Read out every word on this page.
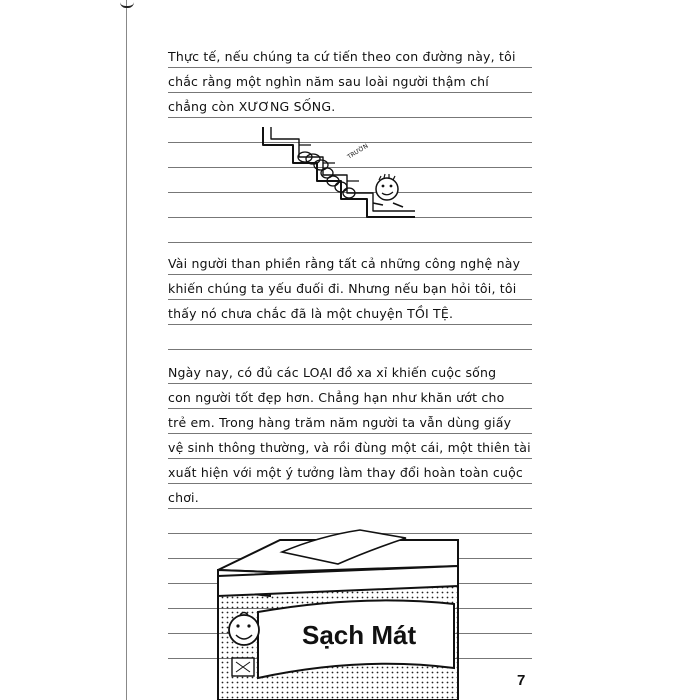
Thực tế, nếu chúng ta cứ tiến theo con đường này, tôi
chắc rằng một nghìn năm sau loài người thậm chí
chẳng còn XƯƠNG SỐNG.
TRƯỜN
Vài người than phiền rằng tất cả những công nghệ này
khiến chúng ta yếu đuối đi. Nhưng nếu bạn hỏi tôi, tôi
thấy nó chưa chắc đã là một chuyện TỒI TỆ.
Ngày nay, có đủ các LOẠI đồ xa xỉ khiến cuộc sống
con người tốt đẹp hơn. Chẳng hạn như khăn ướt cho
trẻ em. Trong hàng trăm năm người ta vẫn dùng giấy
vệ sinh thông thường, và rồi đùng một cái, một thiên tài
xuất hiện với một ý tưởng làm thay đổi hoàn toàn cuộc
chơi.
Sạch Mát
7
